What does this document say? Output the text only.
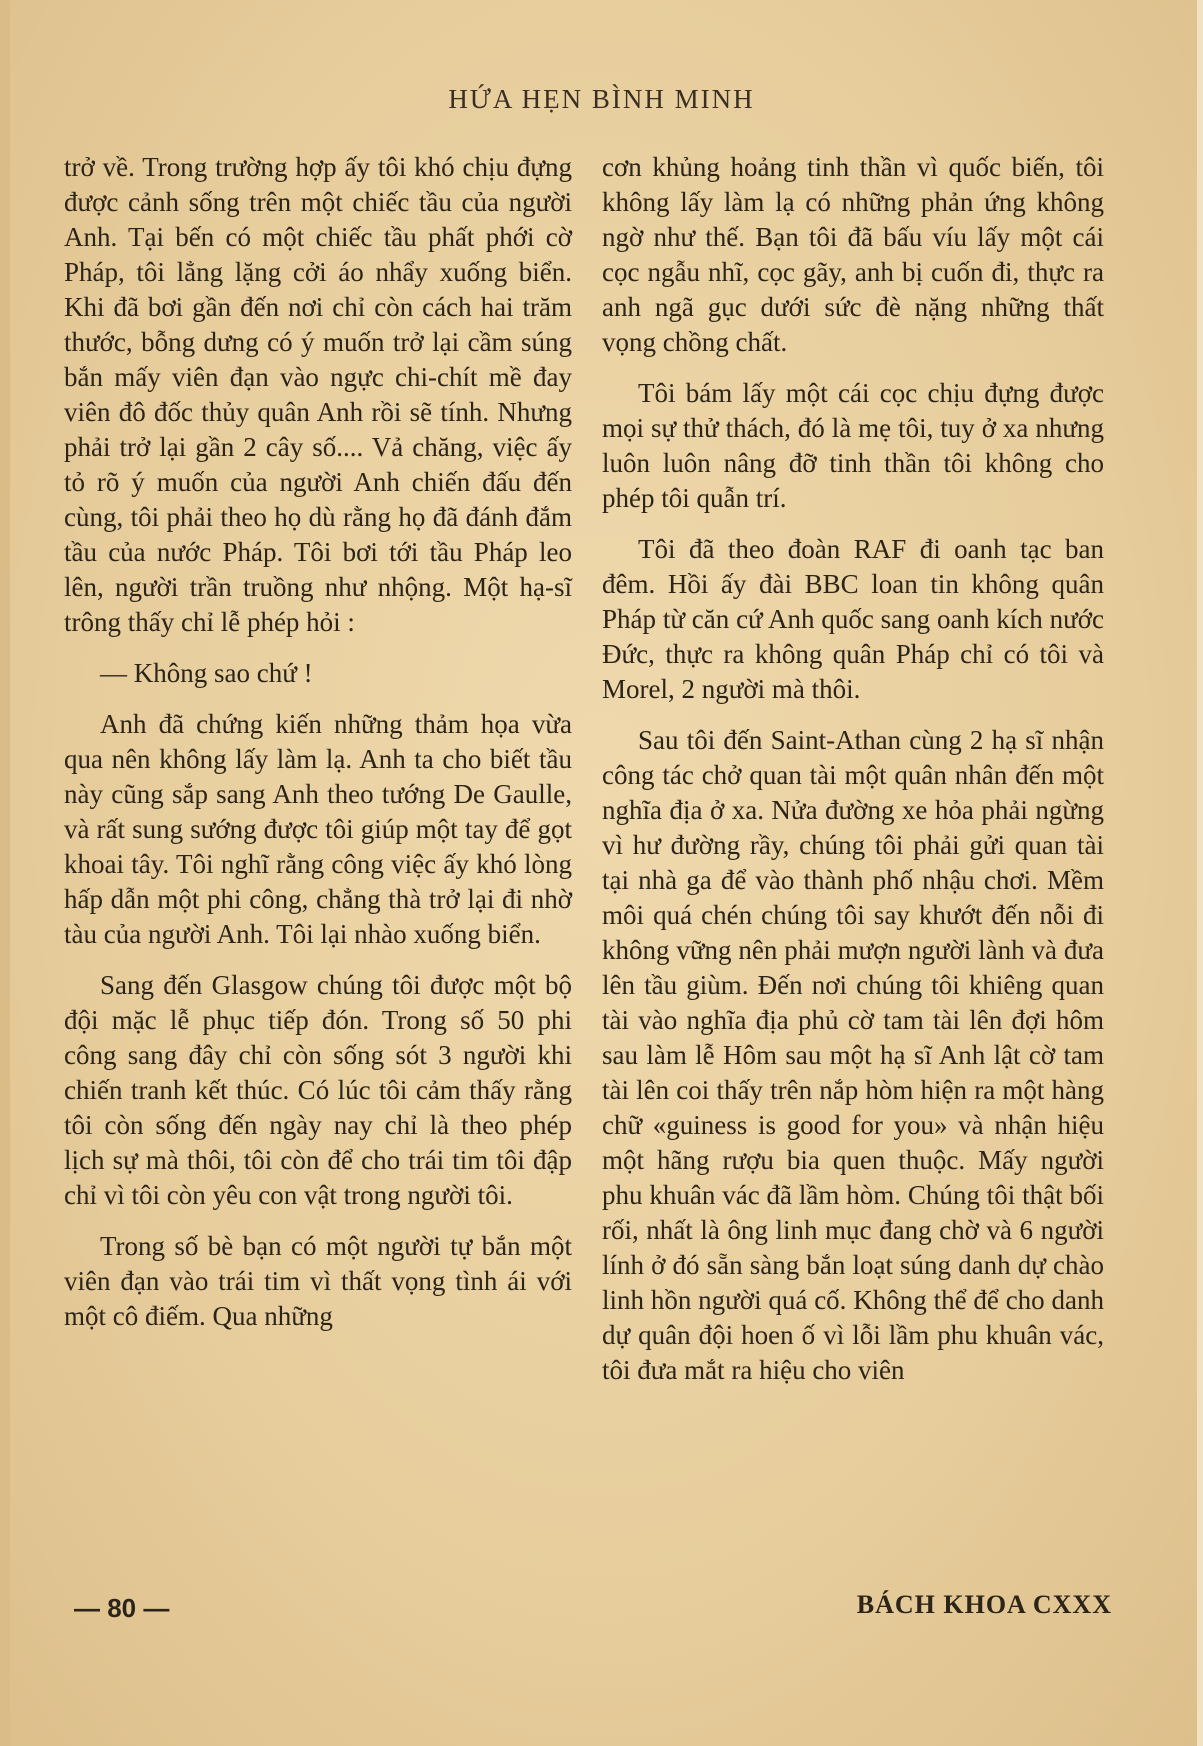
HỨA HẸN BÌNH MINH

trở về. Trong trường hợp ấy tôi khó chịu đựng được cảnh sống trên một chiếc tầu của người Anh. Tại bến có một chiếc tầu phất phới cờ Pháp, tôi lẳng lặng cởi áo nhẩy xuống biển. Khi đã bơi gần đến nơi chỉ còn cách hai trăm thước, bỗng dưng có ý muốn trở lại cầm súng bắn mấy viên đạn vào ngực chi-chít mề đay viên đô đốc thủy quân Anh rồi sẽ tính. Nhưng phải trở lại gần 2 cây số.... Vả chăng, việc ấy tỏ rõ ý muốn của người Anh chiến đấu đến cùng, tôi phải theo họ dù rằng họ đã đánh đắm tầu của nước Pháp. Tôi bơi tới tầu Pháp leo lên, người trần truồng như nhộng. Một hạ-sĩ trông thấy chỉ lễ phép hỏi :

— Không sao chứ !

Anh đã chứng kiến những thảm họa vừa qua nên không lấy làm lạ. Anh ta cho biết tầu này cũng sắp sang Anh theo tướng De Gaulle, và rất sung sướng được tôi giúp một tay để gọt khoai tây. Tôi nghĩ rằng công việc ấy khó lòng hấp dẫn một phi công, chẳng thà trở lại đi nhờ tàu của người Anh. Tôi lại nhào xuống biển.

Sang đến Glasgow chúng tôi được một bộ đội mặc lễ phục tiếp đón. Trong số 50 phi công sang đây chỉ còn sống sót 3 người khi chiến tranh kết thúc. Có lúc tôi cảm thấy rằng tôi còn sống đến ngày nay chỉ là theo phép lịch sự mà thôi, tôi còn để cho trái tim tôi đập chỉ vì tôi còn yêu con vật trong người tôi.

Trong số bè bạn có một người tự bắn một viên đạn vào trái tim vì thất vọng tình ái với một cô điếm. Qua những

cơn khủng hoảng tinh thần vì quốc biến, tôi không lấy làm lạ có những phản ứng không ngờ như thế. Bạn tôi đã bấu víu lấy một cái cọc ngẫu nhĩ, cọc gãy, anh bị cuốn đi, thực ra anh ngã gục dưới sức đè nặng những thất vọng chồng chất.

Tôi bám lấy một cái cọc chịu đựng được mọi sự thử thách, đó là mẹ tôi, tuy ở xa nhưng luôn luôn nâng đỡ tinh thần tôi không cho phép tôi quẫn trí.

Tôi đã theo đoàn RAF đi oanh tạc ban đêm. Hồi ấy đài BBC loan tin không quân Pháp từ căn cứ Anh quốc sang oanh kích nước Đức, thực ra không quân Pháp chỉ có tôi và Morel, 2 người mà thôi.

Sau tôi đến Saint-Athan cùng 2 hạ sĩ nhận công tác chở quan tài một quân nhân đến một nghĩa địa ở xa. Nửa đường xe hỏa phải ngừng vì hư đường rầy, chúng tôi phải gửi quan tài tại nhà ga để vào thành phố nhậu chơi. Mềm môi quá chén chúng tôi say khướt đến nỗi đi không vững nên phải mượn người lành và đưa lên tầu giùm. Đến nơi chúng tôi khiêng quan tài vào nghĩa địa phủ cờ tam tài lên đợi hôm sau làm lễ Hôm sau một hạ sĩ Anh lật cờ tam tài lên coi thấy trên nắp hòm hiện ra một hàng chữ «guiness is good for you» và nhận hiệu một hãng rượu bia quen thuộc. Mấy người phu khuân vác đã lầm hòm. Chúng tôi thật bối rối, nhất là ông linh mục đang chờ và 6 người lính ở đó sẵn sàng bắn loạt súng danh dự chào linh hồn người quá cố. Không thể để cho danh dự quân đội hoen ố vì lỗi lầm phu khuân vác, tôi đưa mắt ra hiệu cho viên

— 80 —	BÁCH KHOA CXXX
